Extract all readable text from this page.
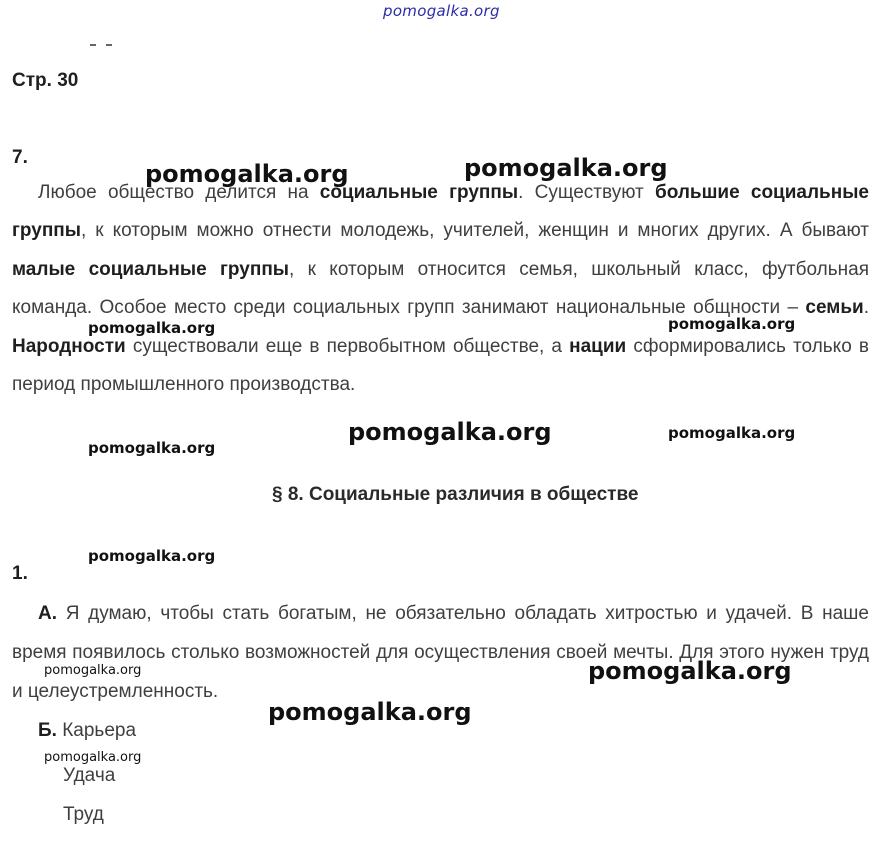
pomogalka.org
Стр. 30
7.

Любое общество делится на социальные группы. Существуют большие социальные группы, к которым можно отнести молодежь, учителей, женщин и многих других. А бывают малые социальные группы, к которым относится семья, школьный класс, футбольная команда. Особое место среди социальных групп занимают национальные общности – семьи. Народности существовали еще в первобытном обществе, а нации сформировались только в период промышленного производства.

§ 8. Социальные различия в обществе
1.

А. Я думаю, чтобы стать богатым, не обязательно обладать хитростью и удачей. В наше время появилось столько возможностей для осуществления своей мечты. Для этого нужен труд и целеустремленность.

Б. Карьера
Удача
Труд
pomogalka.org	pomogalka.org
pomogalka.org	pomogalka.org
pomogalka.org
pomogalka.org
pomogalka.org
pomogalka.org
pomogalka.org	pomogalka.org
pomogalka.org
pomogalka.org
